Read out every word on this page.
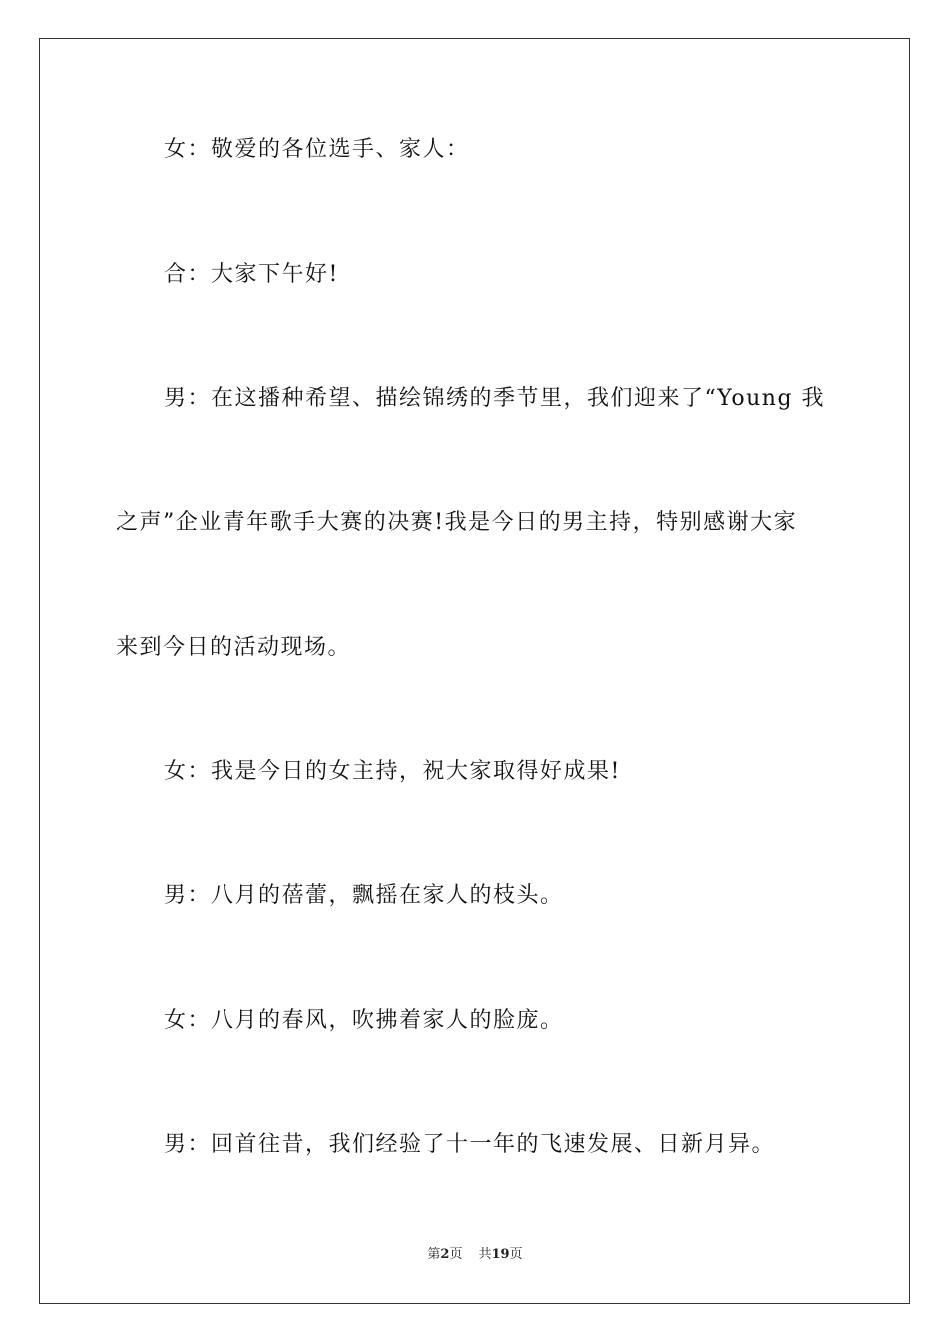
女：敬爱的各位选手、家人：
合：大家下午好!
男：在这播种希望、描绘锦绣的季节里，我们迎来了“Young 我
之声”企业青年歌手大赛的决赛!我是今日的男主持，特别感谢大家
来到今日的活动现场。
女：我是今日的女主持，祝大家取得好成果!
男：八月的蓓蕾，飘摇在家人的枝头。
女：八月的春风，吹拂着家人的脸庞。
男：回首往昔，我们经验了十一年的飞速发展、日新月异。
第2页 共19页
